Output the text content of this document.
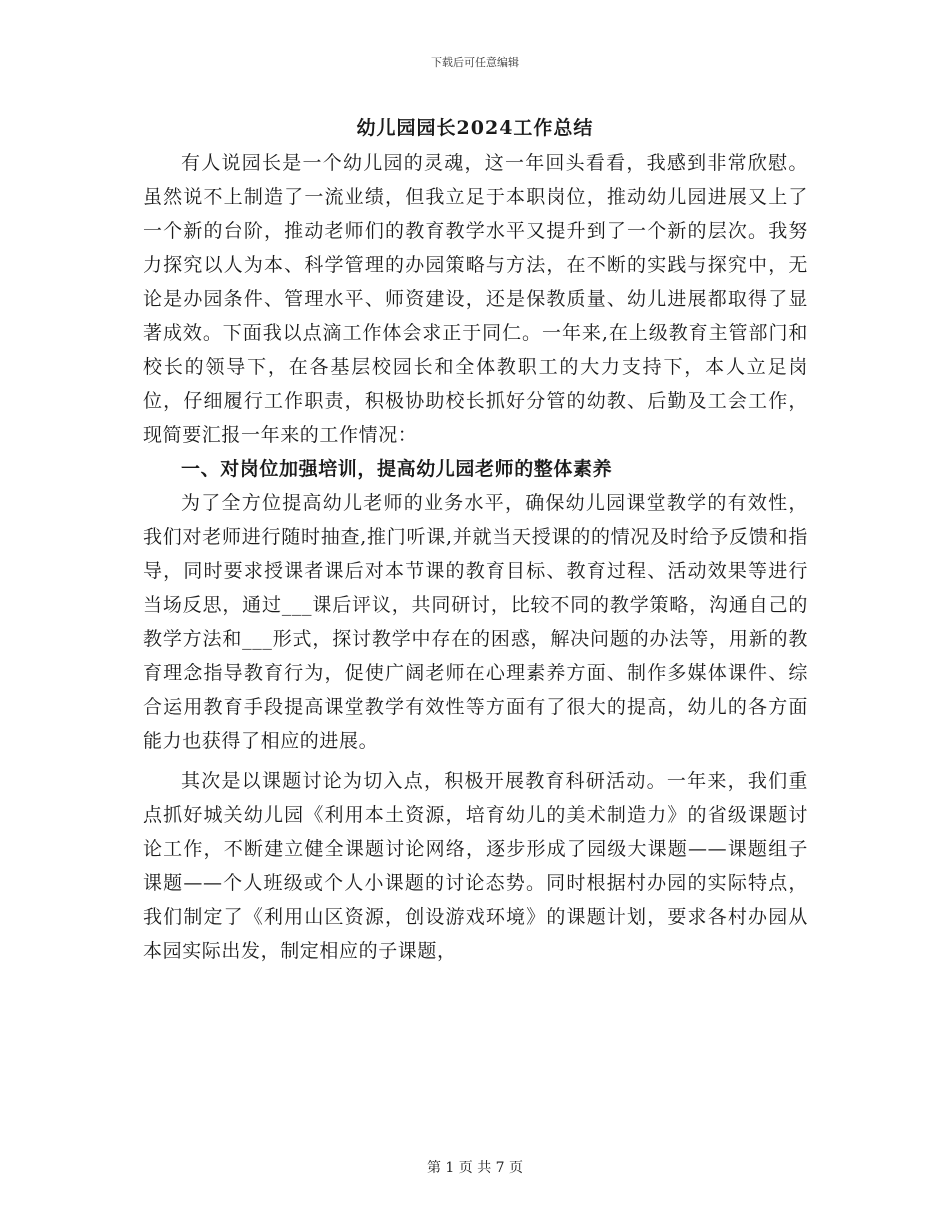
下载后可任意编辑
幼儿园园长2024工作总结

有人说园长是一个幼儿园的灵魂，这一年回头看看，我感到非常欣慰。虽然说不上制造了一流业绩，但我立足于本职岗位，推动幼儿园进展又上了一个新的台阶，推动老师们的教育教学水平又提升到了一个新的层次。我努力探究以人为本、科学管理的办园策略与方法，在不断的实践与探究中，无论是办园条件、管理水平、师资建设，还是保教质量、幼儿进展都取得了显著成效。下面我以点滴工作体会求正于同仁。一年来,在上级教育主管部门和校长的领导下，在各基层校园长和全体教职工的大力支持下，本人立足岗位，仔细履行工作职责，积极协助校长抓好分管的幼教、后勤及工会工作，现简要汇报一年来的工作情况：

一、对岗位加强培训，提高幼儿园老师的整体素养

为了全方位提高幼儿老师的业务水平，确保幼儿园课堂教学的有效性，我们对老师进行随时抽查,推门听课,并就当天授课的的情况及时给予反馈和指导，同时要求授课者课后对本节课的教育目标、教育过程、活动效果等进行当场反思，通过___课后评议，共同研讨，比较不同的教学策略，沟通自己的教学方法和___形式，探讨教学中存在的困惑，解决问题的办法等，用新的教育理念指导教育行为，促使广阔老师在心理素养方面、制作多媒体课件、综合运用教育手段提高课堂教学有效性等方面有了很大的提高，幼儿的各方面能力也获得了相应的进展。

其次是以课题讨论为切入点，积极开展教育科研活动。一年来，我们重点抓好城关幼儿园《利用本土资源，培育幼儿的美术制造力》的省级课题讨论工作，不断建立健全课题讨论网络，逐步形成了园级大课题——课题组子课题——个人班级或个人小课题的讨论态势。同时根据村办园的实际特点，我们制定了《利用山区资源，创设游戏环境》的课题计划，要求各村办园从本园实际出发，制定相应的子课题，

第 1 页 共 7 页
